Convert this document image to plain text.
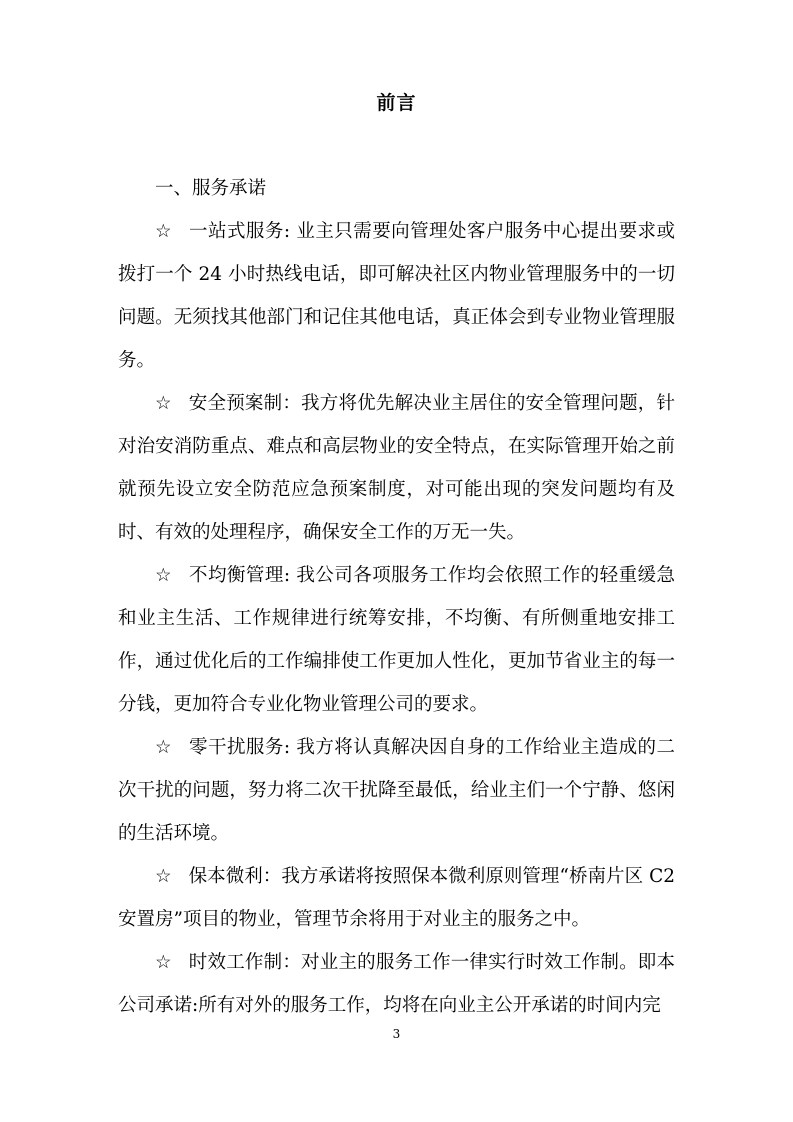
前言

一、服务承诺

☆ 一站式服务: 业主只需要向管理处客户服务中心提出要求或拨打一个 24 小时热线电话，即可解决社区内物业管理服务中的一切问题。无须找其他部门和记住其他电话，真正体会到专业物业管理服务。

☆ 安全预案制：我方将优先解决业主居住的安全管理问题，针对治安消防重点、难点和高层物业的安全特点，在实际管理开始之前就预先设立安全防范应急预案制度，对可能出现的突发问题均有及时、有效的处理程序，确保安全工作的万无一失。

☆ 不均衡管理: 我公司各项服务工作均会依照工作的轻重缓急和业主生活、工作规律进行统筹安排，不均衡、有所侧重地安排工作，通过优化后的工作编排使工作更加人性化，更加节省业主的每一分钱，更加符合专业化物业管理公司的要求。

☆ 零干扰服务: 我方将认真解决因自身的工作给业主造成的二次干扰的问题，努力将二次干扰降至最低，给业主们一个宁静、悠闲的生活环境。

☆ 保本微利：我方承诺将按照保本微利原则管理“桥南片区 C2 安置房”项目的物业，管理节余将用于对业主的服务之中。

☆ 时效工作制：对业主的服务工作一律实行时效工作制。即本公司承诺:所有对外的服务工作，均将在向业主公开承诺的时间内完

3
